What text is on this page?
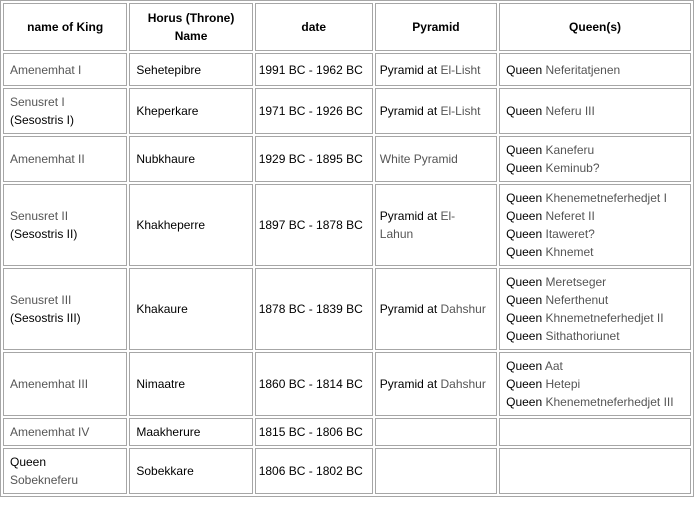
name of King	Horus (Throne) Name	date	Pyramid	Queen(s)

Amenemhat I	Sehetepibre	1991 BC - 1962 BC	Pyramid at El-Lisht	Queen Neferitatjenen

Senusret I
(Sesostris I)	Kheperkare	1971 BC - 1926 BC	Pyramid at El-Lisht	Queen Neferu III

Amenemhat II	Nubkhaure	1929 BC - 1895 BC	White Pyramid	Queen Kaneferu
Queen Keminub?

Senusret II
(Sesostris II)	Khakheperre	1897 BC - 1878 BC	Pyramid at El-
Lahun	Queen Khenemetneferhedjet I
Queen Neferet II
Queen Itaweret?
Queen Khnemet

Senusret III
(Sesostris III)	Khakaure	1878 BC - 1839 BC	Pyramid at Dahshur	Queen Meretseger
Queen Neferthenut
Queen Khnemetneferhedjet II
Queen Sithathoriunet

Amenemhat III	Nimaatre	1860 BC - 1814 BC	Pyramid at Dahshur	Queen Aat
Queen Hetepi
Queen Khenemetneferhedjet III

Amenemhat IV	Maakherure	1815 BC - 1806 BC		

Queen
Sobekneferu	Sobekkare	1806 BC - 1802 BC		
